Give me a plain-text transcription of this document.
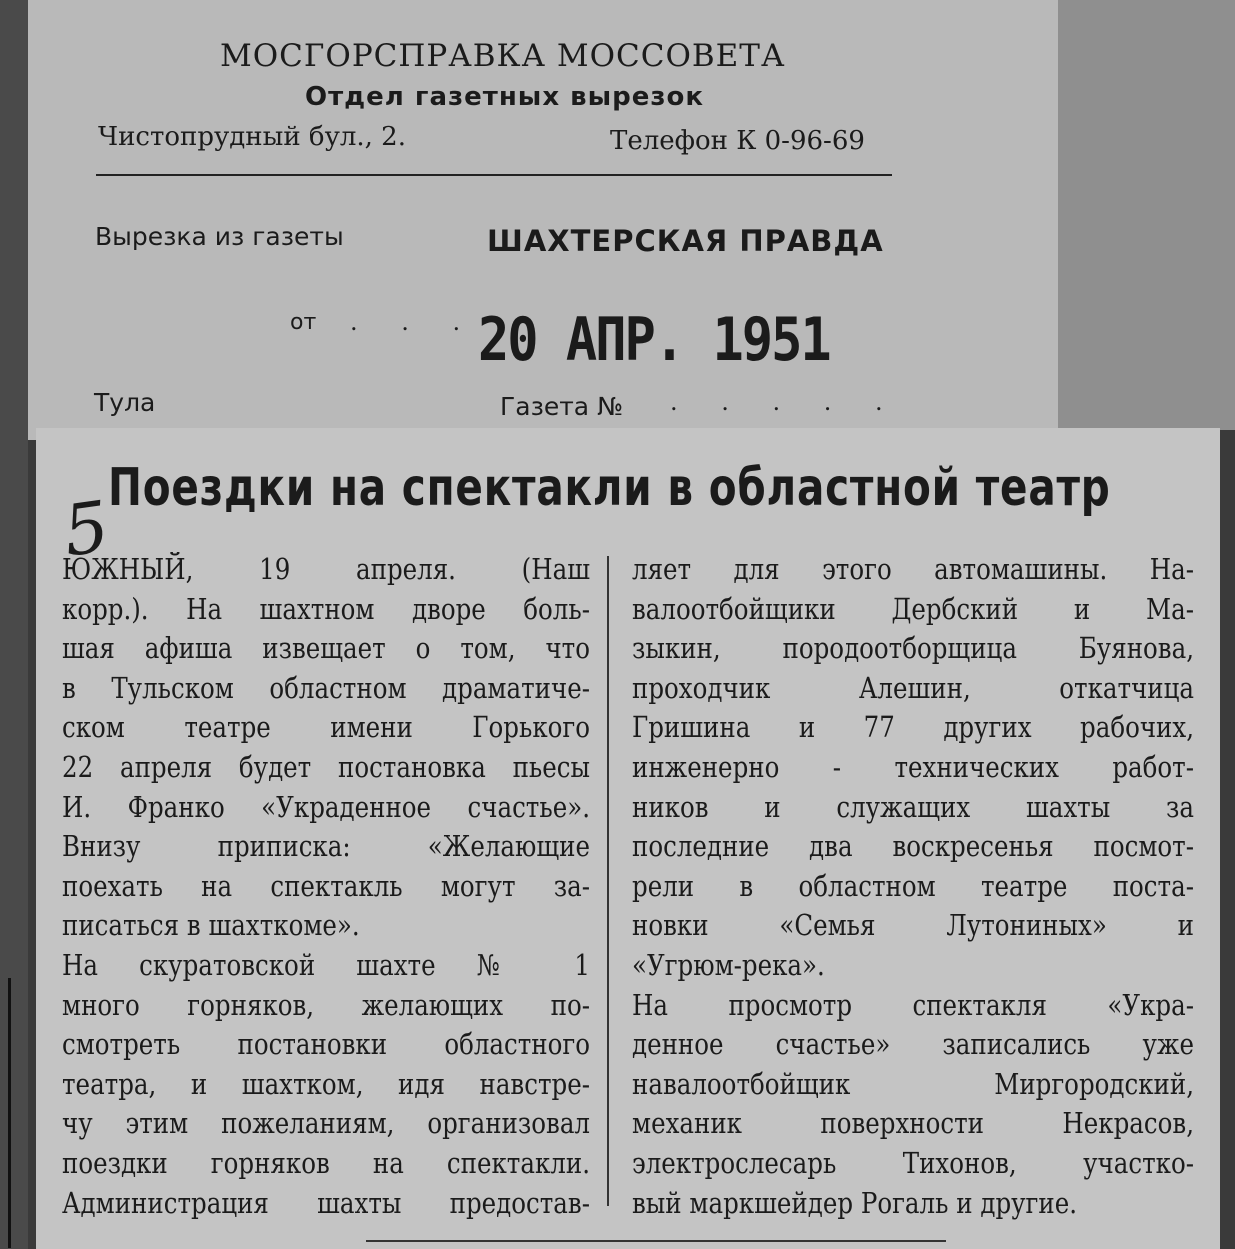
МОСГОРСПРАВКА МОССОВЕТА
Отдел газетных вырезок
Чистопрудный бул., 2.	Телефон К 0-96-69
Вырезка из газеты	ШАХТЕРСКАЯ ПРАВДА
от . . . 20 АПР. 1951
Тула	Газета № . . . . .
5
Поездки на спектакли в областной театр
ЮЖНЫЙ, 19 апреля. (Наш
корр.). На шахтном дворе боль-
шая афиша извещает о том, что
в Тульском областном драматиче-
ском театре имени Горького
22 апреля будет постановка пьесы
И. Франко «Украденное счастье».
Внизу приписка: «Желающие
поехать на спектакль могут за-
писаться в шахткоме».
На скуратовской шахте № 1
много горняков, желающих по-
смотреть постановки областного
театра, и шахтком, идя навстре-
чу этим пожеланиям, организовал
поездки горняков на спектакли.
Администрация шахты предостав-
ляет для этого автомашины. На-
валоотбойщики Дербский и Ма-
зыкин, породоотборщица Буянова,
проходчик Алешин, откатчица
Гришина и 77 других рабочих,
инженерно - технических работ-
ников и служащих шахты за
последние два воскресенья посмот-
рели в областном театре поста-
новки «Семья Лутониных» и
«Угрюм-река».
На просмотр спектакля «Укра-
денное счастье» записались уже
навалоотбойщик Миргородский,
механик поверхности Некрасов,
электрослесарь Тихонов, участко-
вый маркшейдер Рогаль и другие.
